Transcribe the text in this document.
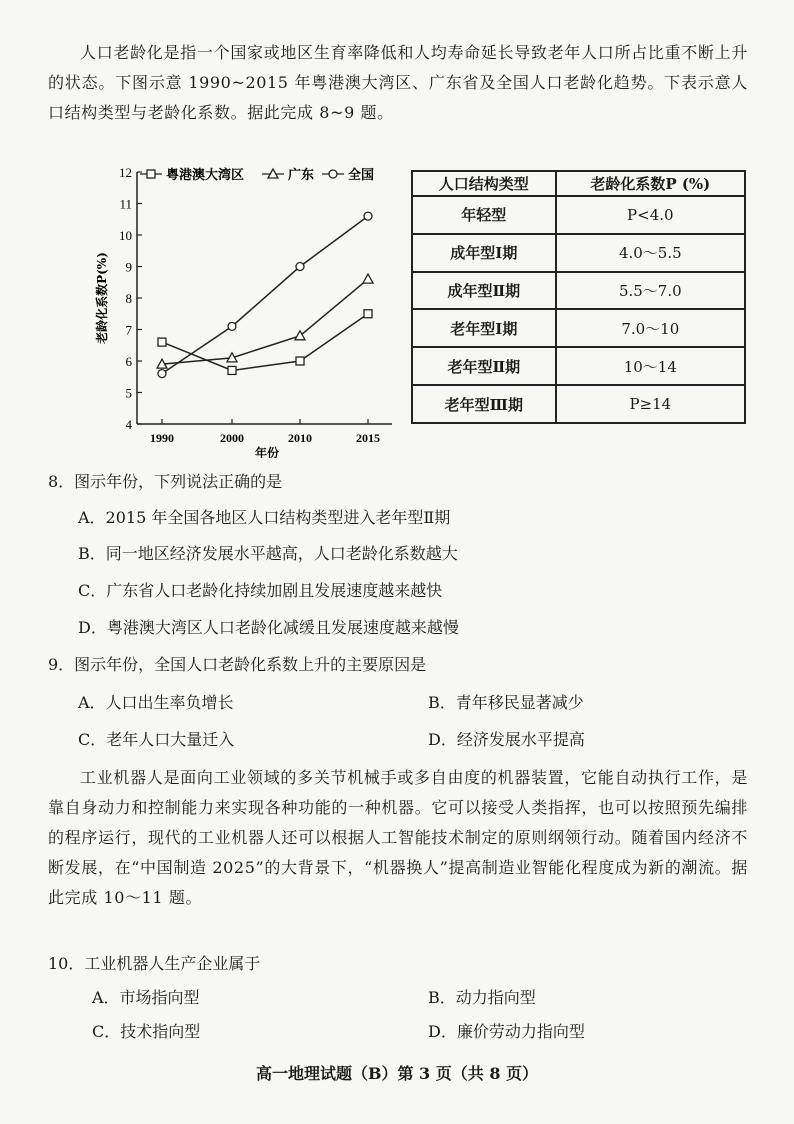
人口老龄化是指一个国家或地区生育率降低和人均寿命延长导致老年人口所占比重不断上升的状态。下图示意 1990~2015 年粤港澳大湾区、广东省及全国人口老龄化趋势。下表示意人口结构类型与老龄化系数。据此完成 8~9 题。
4
5
6
7
8
9
10
11
12
1990	2000	2010	2015
年份
老龄化系数P(%)
粤港澳大湾区	广东	全国	人口结构类型	老龄化系数P (%)
年轻型	P<4.0
成年型Ⅰ期	4.0～5.5
成年型Ⅱ期	5.5～7.0
老年型Ⅰ期	7.0～10
老年型Ⅱ期	10～14
老年型Ⅲ期	P≥14
8．图示年份，下列说法正确的是
A．2015 年全国各地区人口结构类型进入老年型Ⅱ期
B．同一地区经济发展水平越高，人口老龄化系数越大
C．广东省人口老龄化持续加剧且发展速度越来越快
D．粤港澳大湾区人口老龄化减缓且发展速度越来越慢
9．图示年份，全国人口老龄化系数上升的主要原因是
A．人口出生率负增长	B．青年移民显著减少
C．老年人口大量迁入	D．经济发展水平提高
工业机器人是面向工业领域的多关节机械手或多自由度的机器装置，它能自动执行工作，是靠自身动力和控制能力来实现各种功能的一种机器。它可以接受人类指挥，也可以按照预先编排的程序运行，现代的工业机器人还可以根据人工智能技术制定的原则纲领行动。随着国内经济不断发展，在“中国制造 2025”的大背景下，“机器换人”提高制造业智能化程度成为新的潮流。据此完成 10～11 题。
10．工业机器人生产企业属于
A．市场指向型	B．动力指向型
C．技术指向型	D．廉价劳动力指向型
高一地理试题（B）第 3 页（共 8 页）
